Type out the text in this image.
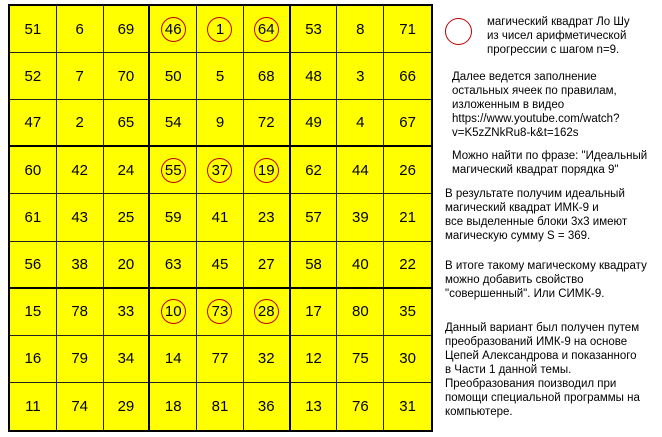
51 6 69 46	1	64 53 8 71
52 7 70 50 5 68 48 3 66
47 2 65 54 9 72 49 4 67
60 42 24 55 37 19 62 44 26
61 43 25 59 41 23 57 39 21
56 38 20 63 45 27 58 40 22
15 78 33 10 73 28 17 80 35
16 79 34 14 77 32 12 75 30
11 74 29 18 81 36 13 76 31
магический квадрат Ло Шу
из чисел арифметической
прогрессии с шагом n=9.
Далее ведется заполнение
остальных ячеек по правилам,
изложенным в видео
https://www.youtube.com/watch?
v=K5zZNkRu8-k&t=162s
Можно найти по фразе: "Идеальный
магический квадрат порядка 9"
В результате получим идеальный
магический квадрат ИМК-9 и
все выделенные блоки 3х3 имеют
магическую сумму S = 369.
В итоге такому магическому квадрату
можно добавить свойство
"совершенный". Или СИМК-9.
Данный вариант был получен путем
преобразований ИМК-9 на основе
Цепей Александрова и показанного
в Части 1 данной темы.
Преобразования поизводил при
помощи специальной программы на
компьютере.
